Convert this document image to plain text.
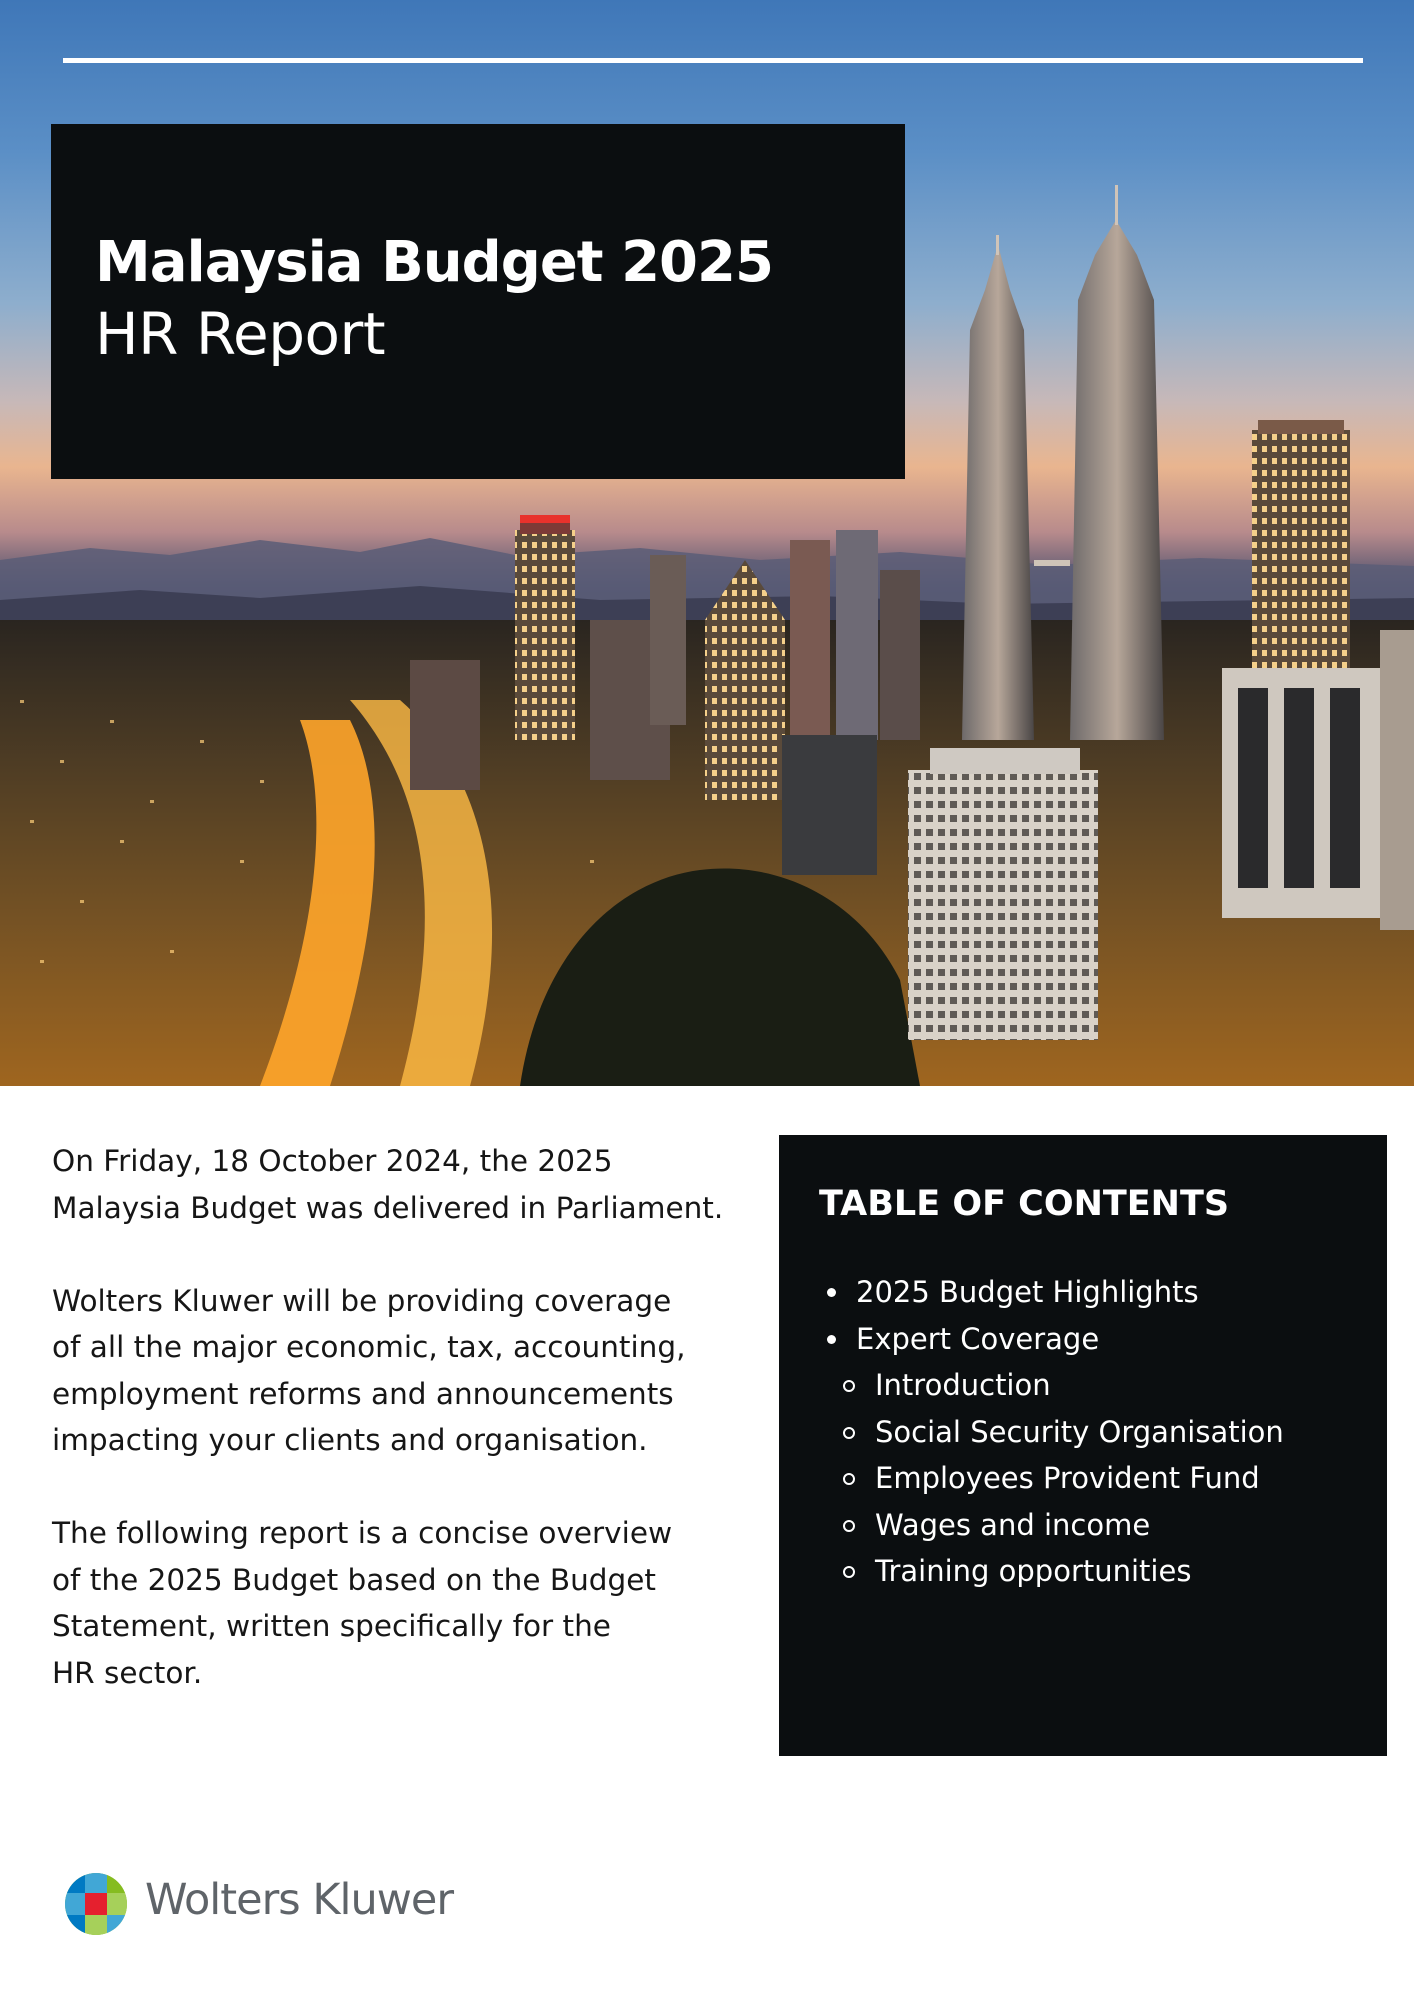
Malaysia Budget 2025
HR Report

On Friday, 18 October 2024, the 2025
Malaysia Budget was delivered in Parliament.

Wolters Kluwer will be providing coverage
of all the major economic, tax, accounting,
employment reforms and announcements
impacting your clients and organisation.

The following report is a concise overview
of the 2025 Budget based on the Budget
Statement, written specifically for the
HR sector.

TABLE OF CONTENTS
2025 Budget Highlights
Expert Coverage
Introduction
Social Security Organisation
Employees Provident Fund
Wages and income
Training opportunities
Wolters Kluwer
